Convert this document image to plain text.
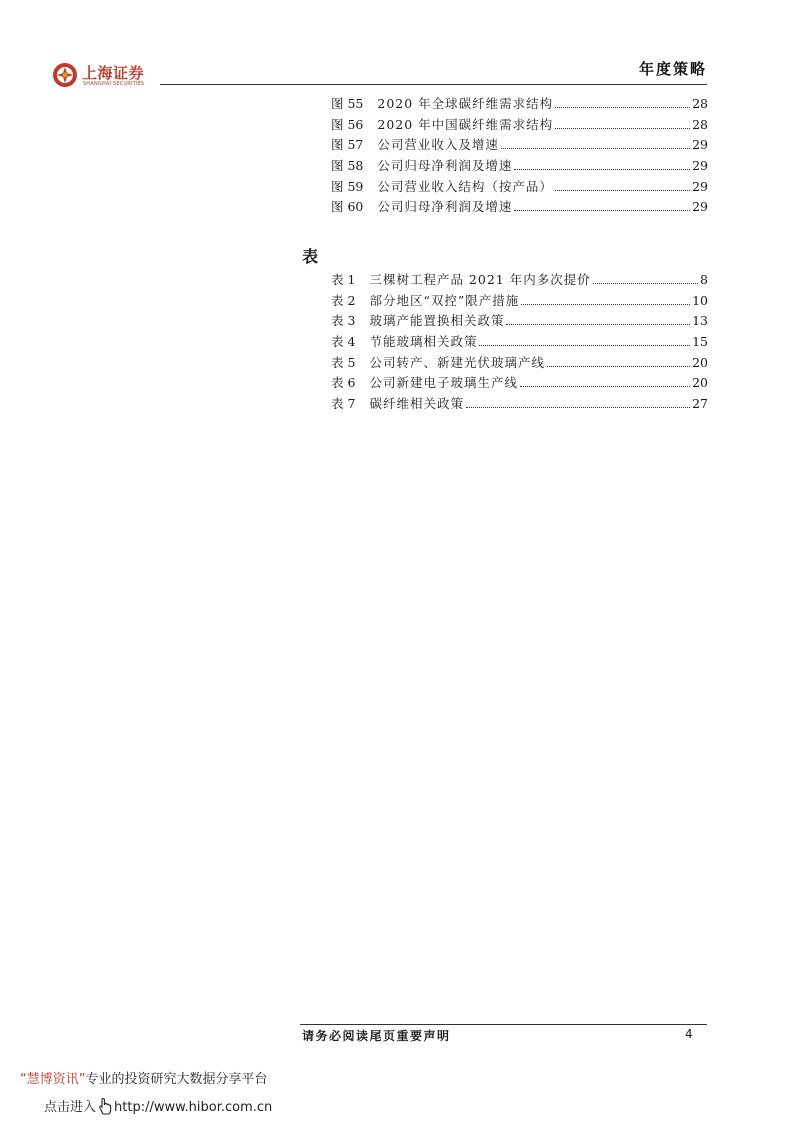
上海证券
SHANGHAI SECURITIES
年度策略
图 55 2020 年全球碳纤维需求结构	28
图 56 2020 年中国碳纤维需求结构	28
图 57 公司营业收入及增速	29
图 58 公司归母净利润及增速	29
图 59 公司营业收入结构（按产品）	29
图 60 公司归母净利润及增速	29
表
表 1 三棵树工程产品 2021 年内多次提价	8
表 2 部分地区“双控”限产措施	10
表 3 玻璃产能置换相关政策	13
表 4 节能玻璃相关政策	15
表 5 公司转产、新建光伏玻璃产线	20
表 6 公司新建电子玻璃生产线	20
表 7 碳纤维相关政策	27
请务必阅读尾页重要声明	4
“慧博资讯”专业的投资研究大数据分享平台
点击进入 http://www.hibor.com.cn
